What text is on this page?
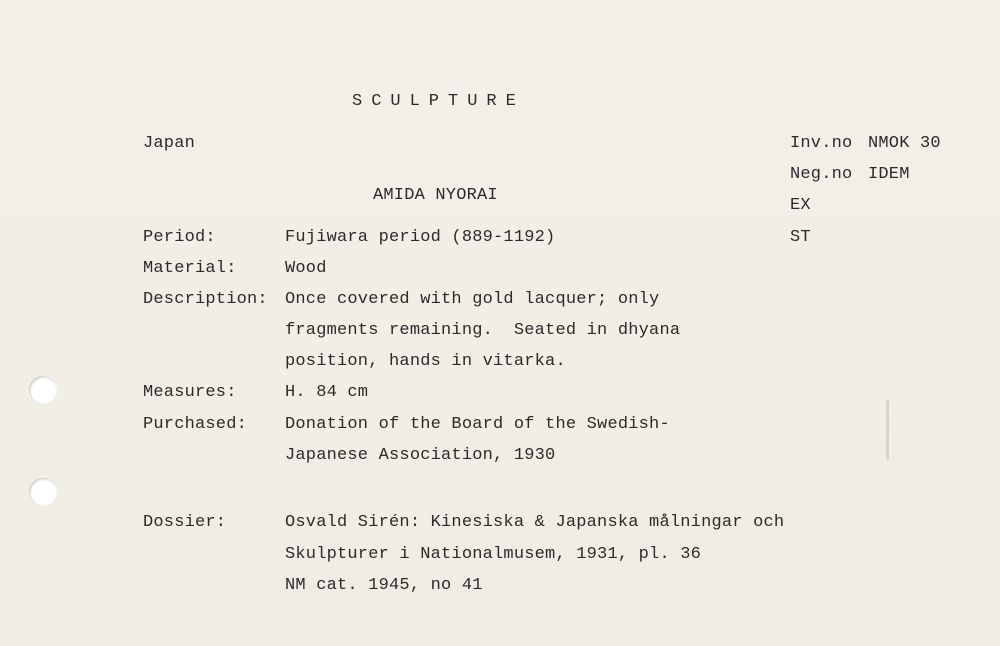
SCULPTURE
Japan
AMIDA NYORAI
Inv.no NMOK 30
Neg.no IDEM
EX
ST
Period:	Fujiwara period (889-1192)
Material:	Wood
Description: Once covered with gold lacquer; only
fragments remaining.  Seated in dhyana
position, hands in vitarka.
Measures:	H. 84 cm
Purchased: Donation of the Board of the Swedish-
Japanese Association, 1930
Dossier:	Osvald Sirén: Kinesiska & Japanska målningar och
Skulpturer i Nationalmusem, 1931, pl. 36
NM cat. 1945, no 41
